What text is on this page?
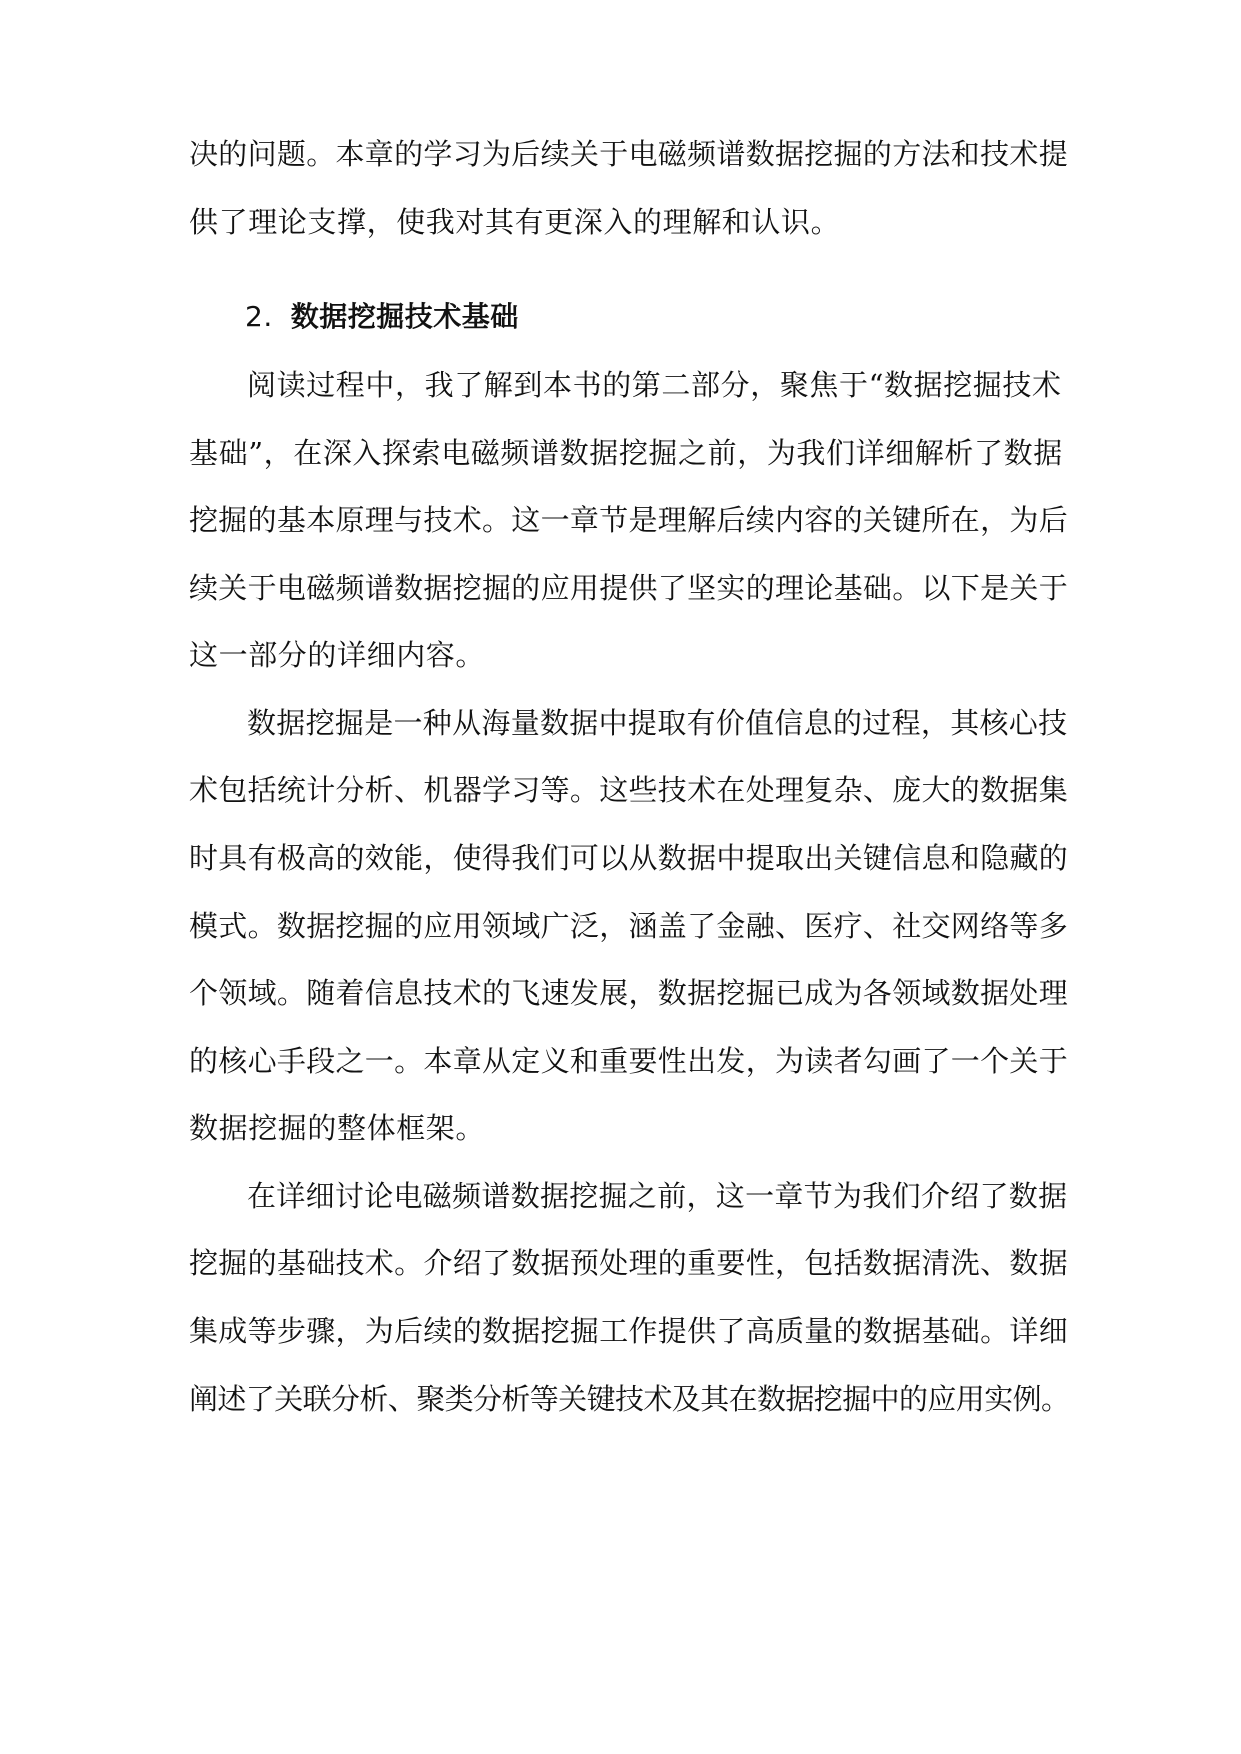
决的问题。本章的学习为后续关于电磁频谱数据挖掘的方法和技术提
供了理论支撑，使我对其有更深入的理解和认识。
2. 数据挖掘技术基础
阅读过程中，我了解到本书的第二部分，聚焦于“数据挖掘技术
基础”，在深入探索电磁频谱数据挖掘之前，为我们详细解析了数据
挖掘的基本原理与技术。这一章节是理解后续内容的关键所在，为后
续关于电磁频谱数据挖掘的应用提供了坚实的理论基础。以下是关于
这一部分的详细内容。
数据挖掘是一种从海量数据中提取有价值信息的过程，其核心技
术包括统计分析、机器学习等。这些技术在处理复杂、庞大的数据集
时具有极高的效能，使得我们可以从数据中提取出关键信息和隐藏的
模式。数据挖掘的应用领域广泛，涵盖了金融、医疗、社交网络等多
个领域。随着信息技术的飞速发展，数据挖掘已成为各领域数据处理
的核心手段之一。本章从定义和重要性出发，为读者勾画了一个关于
数据挖掘的整体框架。
在详细讨论电磁频谱数据挖掘之前，这一章节为我们介绍了数据
挖掘的基础技术。介绍了数据预处理的重要性，包括数据清洗、数据
集成等步骤，为后续的数据挖掘工作提供了高质量的数据基础。详细
阐述了关联分析、聚类分析等关键技术及其在数据挖掘中的应用实例。
